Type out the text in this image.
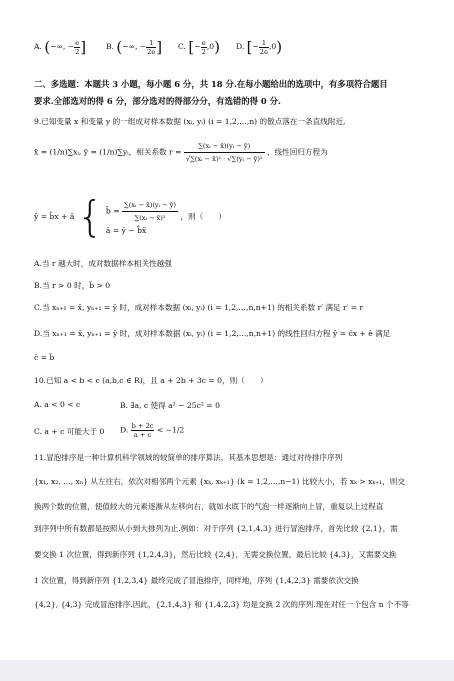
A. (−∞, − $\frac{e}{2}$ ]	B. (−∞, − $\frac{1}{2e}$ ] C. [− $\frac{e}{2} ,0$) D. [− $\frac{1}{2e} ,0$)
二、多选题：本题共 3 小题，每小题 6 分，共 18 分.在每小题给出的选项中，有多项符合题目
要求.全部选对的得 6 分，部分选对的得部分分，有选错的得 0 分.
9.已知变量 x 和变量 y 的一组成对样本数据 (xᵢ, yᵢ) (i = 1,2,…,n) 的散点落在一条直线附近,
x̄ = (1/n)∑xᵢ, ȳ = (1/n)∑yᵢ，相关系数 $r = \frac{\text{∑(xᵢ − x̄)(yᵢ − ȳ)}}{\text{√∑(xᵢ − x̄)² · √∑(yᵢ − ȳ)²}}$ ，线性回归方程为
ŷ = b̂x + â { b̂ = $\frac{\text{∑(xᵢ − x̄)(yᵢ − ȳ)}}{\text{∑(xᵢ − x̄)²}}$
â = ȳ − b̂x̄
，则（　　）
A.当 r 越大时，成对数据样本相关性越强
B.当 r > 0 时，b̂ > 0
C.当 xₙ₊₁ = x̄, yₙ₊₁ = ȳ 时，成对样本数据 (xᵢ, yᵢ) (i = 1,2,…,n,n+1) 的相关系数 r′ 满足 r′ = r
D.当 xₙ₊₁ = x̄, yₙ₊₁ = ȳ 时，成对样本数据 (xᵢ, yᵢ) (i = 1,2,…,n,n+1) 的线性回归方程 ŷ = ĉx + ê 满足
ĉ = b̂
10.已知 a < b < c (a,b,c ∈ R)，且 a + 2b + 3c = 0，则（　　）
A. a < 0 < c	B. ∃a, c 使得 a² − 25c² = 0
C. a + c 可能大于 0 D. $\frac{b + 2c}{a + c} < -1/2$
11.冒泡排序是一种计算机科学领域的较简单的排序算法，其基本思想是：通过对待排序序列
{x₁, x₂, …, xₙ} 从左往右，依次对相邻两个元素 {xₖ, xₖ₊₁} (k = 1,2,…,n−1) 比较大小，若 xₖ > xₖ₊₁，则交
换两个数的位置，使值较大的元素逐渐从左移向右，就如水底下的气泡一样逐渐向上冒，重复以上过程直
到序列中所有数都是按照从小到大排列为止.例如：对于序列 {2,1,4,3} 进行冒泡排序，首先比较 {2,1}，需
要交换 1 次位置，得到新序列 {1,2,4,3}，然后比较 {2,4}，无需交换位置，最后比较 {4,3}，又需要交换
1 次位置，得到新序列 {1,2,3,4} 最终完成了冒泡排序，同样地，序列 {1,4,2,3} 需要依次交换
{4,2}, {4,3} 完成冒泡排序.因此，{2,1,4,3} 和 {1,4,2,3} 均是交换 2 次的序列.现在对任一个包含 n 个不等
